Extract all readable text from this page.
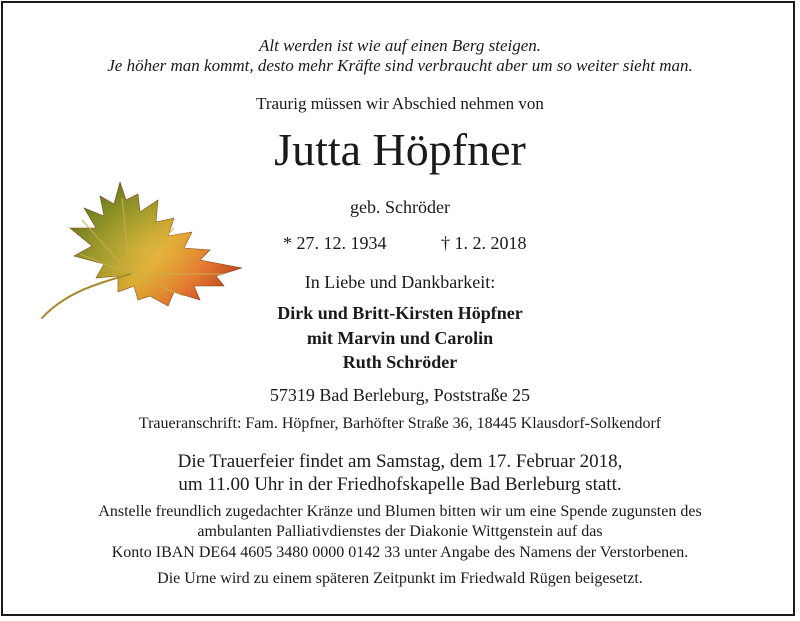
Alt werden ist wie auf einen Berg steigen.
Je höher man kommt, desto mehr Kräfte sind verbraucht aber um so weiter sieht man.
Traurig müssen wir Abschied nehmen von
Jutta Höpfner
geb. Schröder
* 27. 12. 1934	† 1. 2. 2018
In Liebe und Dankbarkeit:
Dirk und Britt-Kirsten Höpfner
mit Marvin und Carolin
Ruth Schröder
57319 Bad Berleburg, Poststraße 25
Traueranschrift: Fam. Höpfner, Barhöfter Straße 36, 18445 Klausdorf-Solkendorf
Die Trauerfeier findet am Samstag, dem 17. Februar 2018,
um 11.00 Uhr in der Friedhofskapelle Bad Berleburg statt.
Anstelle freundlich zugedachter Kränze und Blumen bitten wir um eine Spende zugunsten des
ambulanten Palliativdienstes der Diakonie Wittgenstein auf das
Konto IBAN DE64 4605 3480 0000 0142 33 unter Angabe des Namens der Verstorbenen.
Die Urne wird zu einem späteren Zeitpunkt im Friedwald Rügen beigesetzt.
